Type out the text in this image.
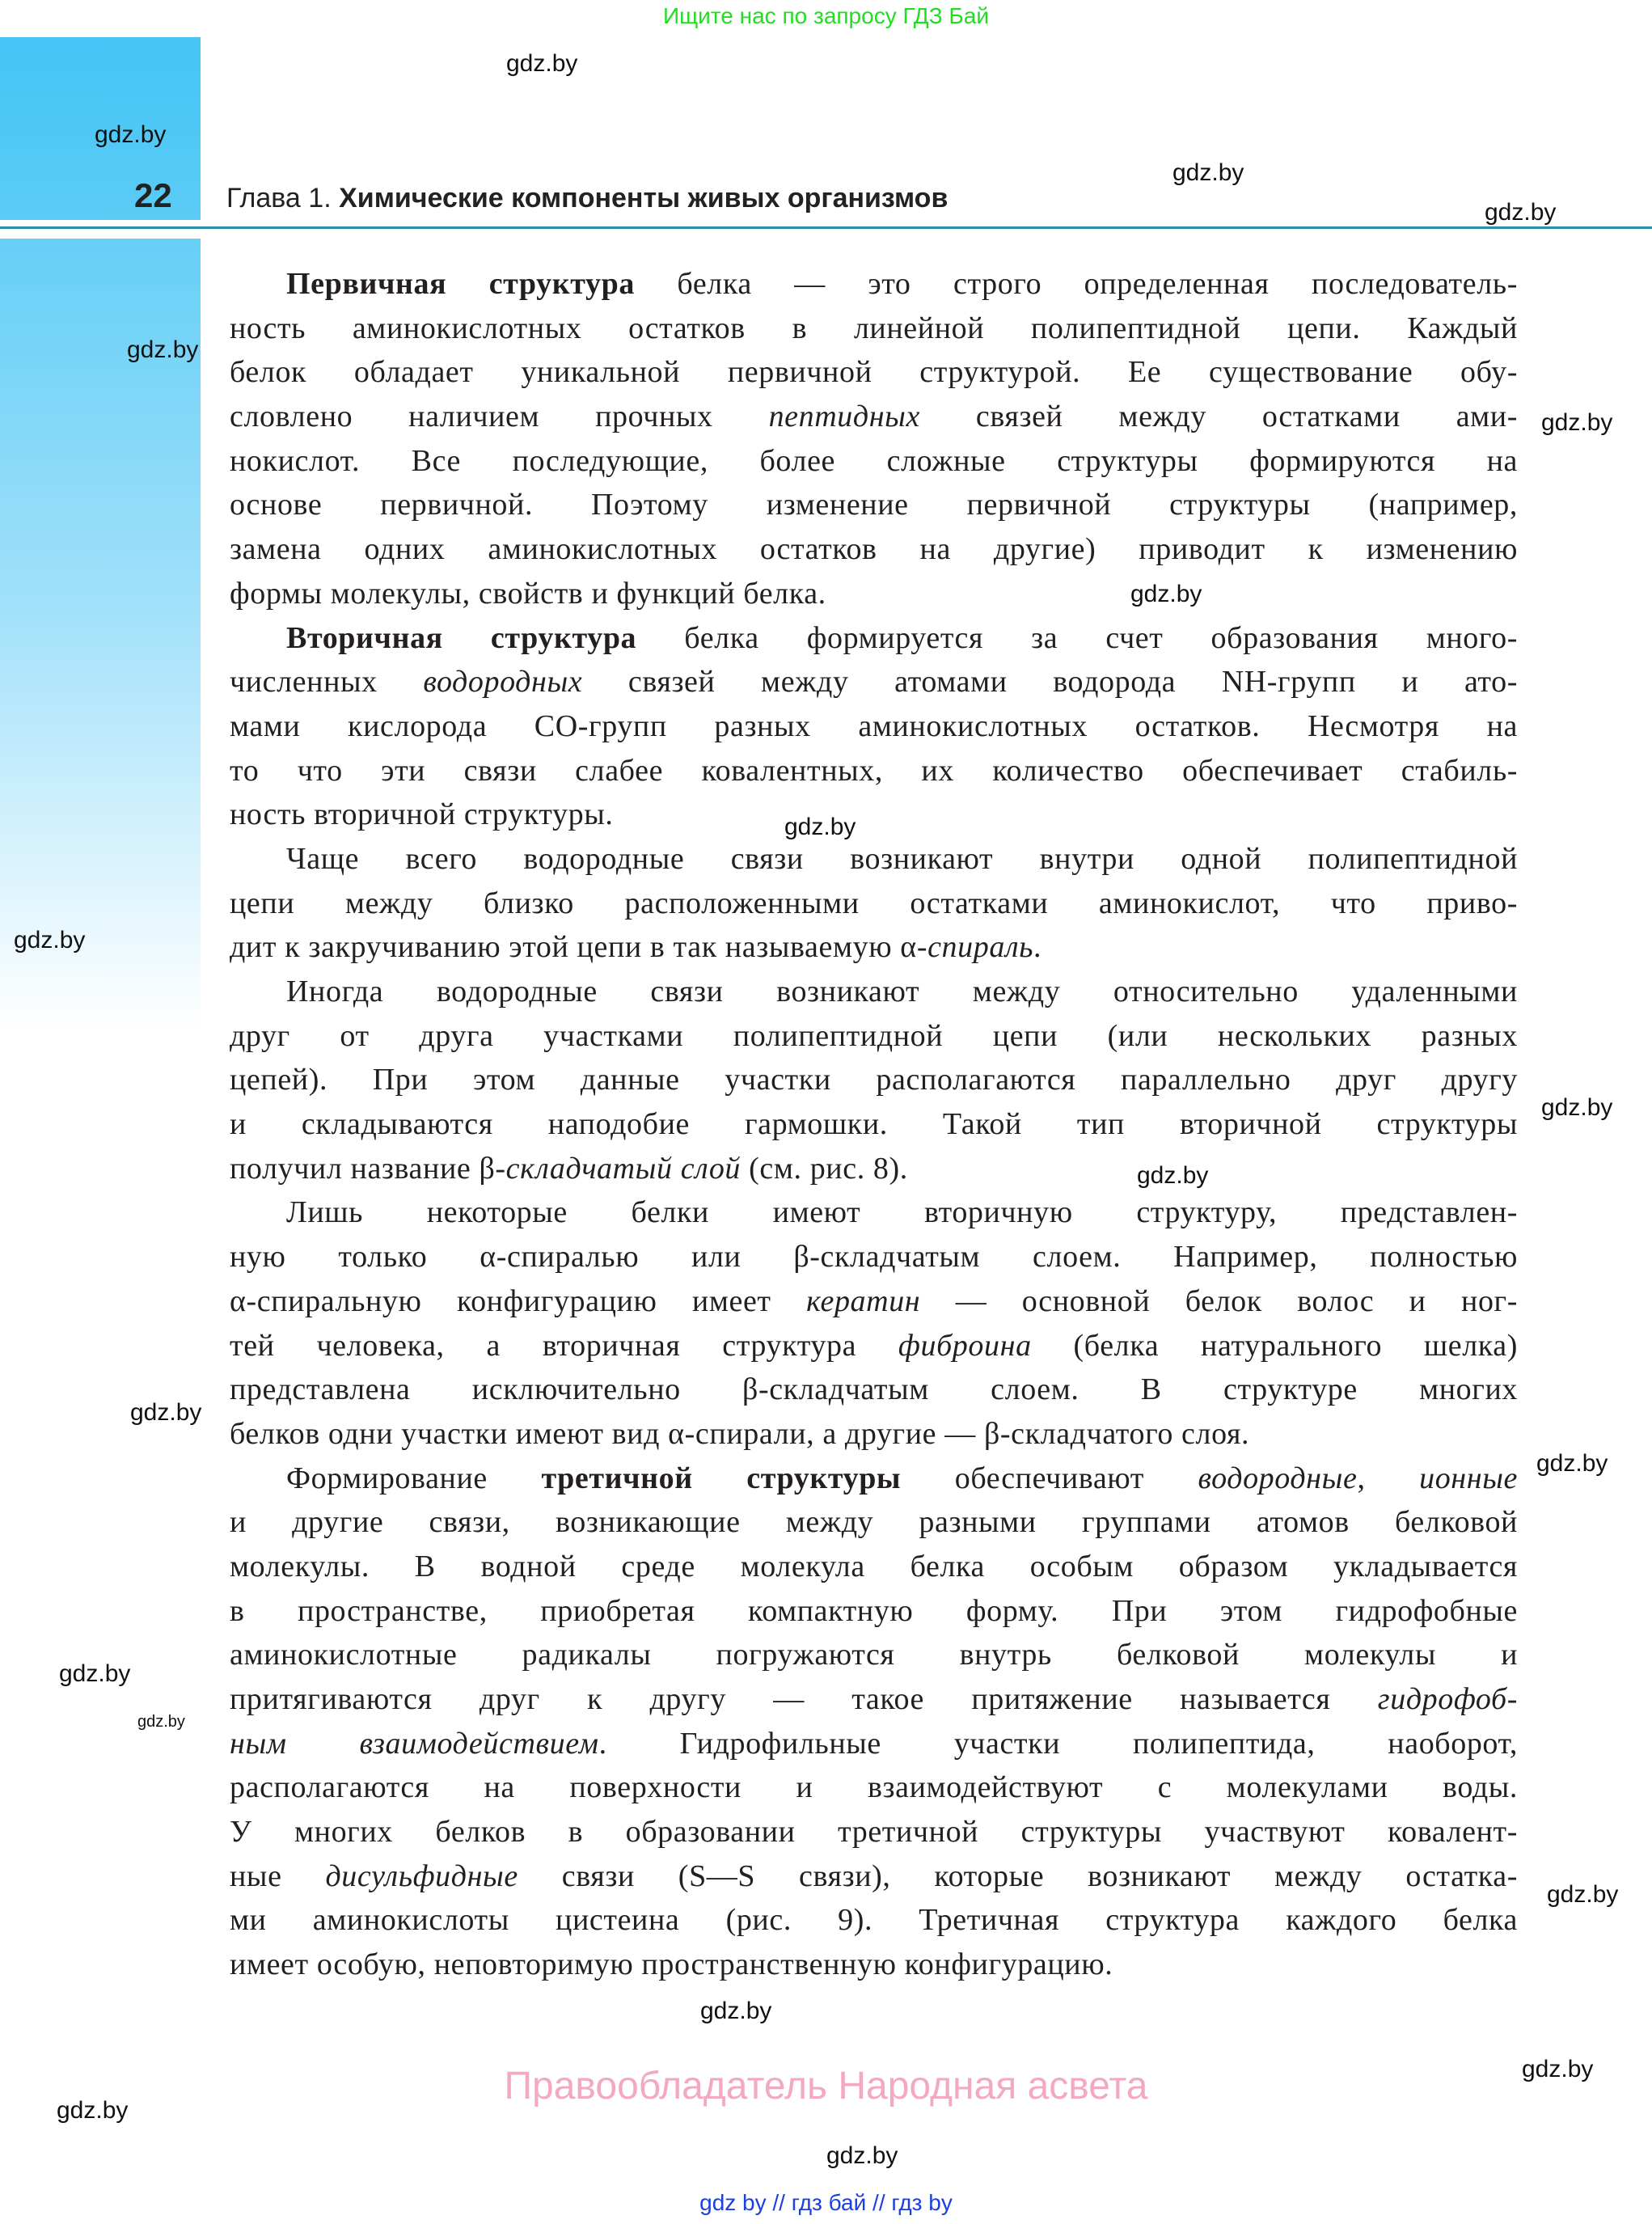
Ищите нас по запросу ГДЗ Бай
22 Глава 1. Химические компоненты живых организмов
Первичная структура белка — это строго определенная последователь-
ность аминокислотных остатков в линейной полипептидной цепи. Каждый
белок обладает уникальной первичной структурой. Ее существование обу-
словлено наличием прочных пептидных связей между остатками ами-
нокислот. Все последующие, более сложные структуры формируются на
основе первичной. Поэтому изменение первичной структуры (например,
замена одних аминокислотных остатков на другие) приводит к изменению
формы молекулы, свойств и функций белка.
Вторичная структура белка формируется за счет образования много-
численных водородных связей между атомами водорода NH-групп и ато-
мами кислорода CO-групп разных аминокислотных остатков. Несмотря на
то что эти связи слабее ковалентных, их количество обеспечивает стабиль-
ность вторичной структуры.
Чаще всего водородные связи возникают внутри одной полипептидной
цепи между близко расположенными остатками аминокислот, что приво-
дит к закручиванию этой цепи в так называемую α-спираль.
Иногда водородные связи возникают между относительно удаленными
друг от друга участками полипептидной цепи (или нескольких разных
цепей). При этом данные участки располагаются параллельно друг другу
и складываются наподобие гармошки. Такой тип вторичной структуры
получил название β-складчатый слой (см. рис. 8).
Лишь некоторые белки имеют вторичную структуру, представлен-
ную только α-спиралью или β-складчатым слоем. Например, полностью
α-спиральную конфигурацию имеет кератин — основной белок волос и ног-
тей человека, а вторичная структура фиброина (белка натурального шелка)
представлена исключительно β-складчатым слоем. В структуре многих
белков одни участки имеют вид α-спирали, а другие — β-складчатого слоя.
Формирование третичной структуры обеспечивают водородные, ионные
и другие связи, возникающие между разными группами атомов белковой
молекулы. В водной среде молекула белка особым образом укладывается
в пространстве, приобретая компактную форму. При этом гидрофобные
аминокислотные радикалы погружаются внутрь белковой молекулы и
притягиваются друг к другу — такое притяжение называется гидрофоб-
ным взаимодействием. Гидрофильные участки полипептида, наоборот,
располагаются на поверхности и взаимодействуют с молекулами воды.
У многих белков в образовании третичной структуры участвуют ковалент-
ные дисульфидные связи (S—S связи), которые возникают между остатка-
ми аминокислоты цистеина (рис. 9). Третичная структура каждого белка
имеет особую, неповторимую пространственную конфигурацию.
gdz.by
gdz.by
gdz.by
gdz.by
gdz.by
gdz.by
gdz.by
gdz.by
gdz.by
gdz.by
gdz.by
gdz.by
gdz.by
gdz.by
gdz.by
gdz.by
gdz.by
gdz.by
gdz.by
gdz.by
Правообладатель Народная асвета
gdz by // гдз бай // гдз by
